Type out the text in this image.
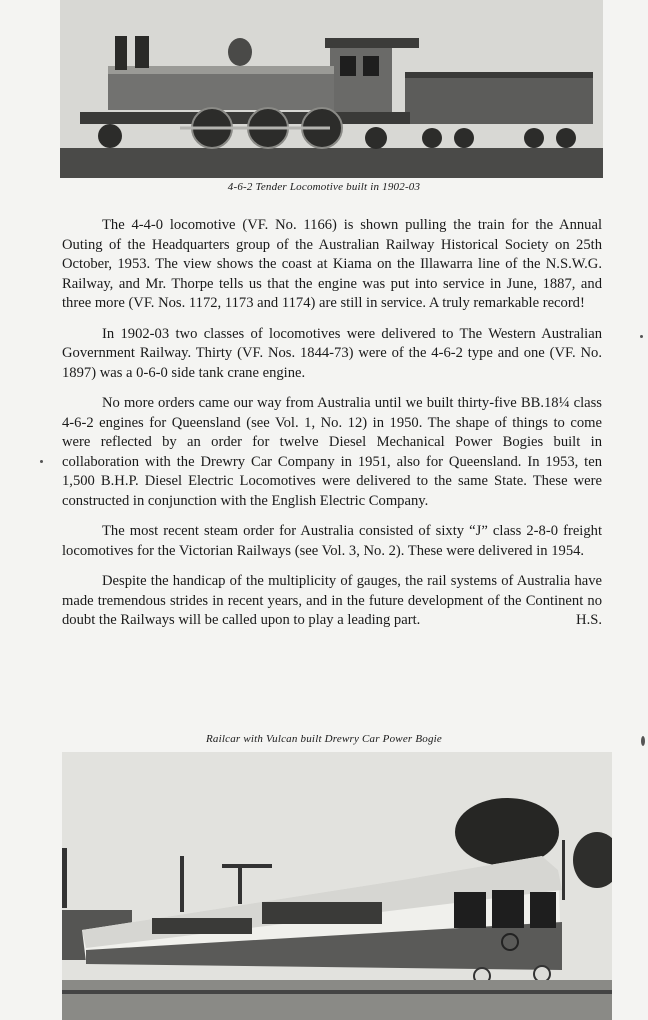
4-6-2 Tender Locomotive built in 1902-03

The 4-4-0 locomotive (VF. No. 1166) is shown pulling the train for the Annual Outing of the Headquarters group of the Australian Railway Historical Society on 25th October, 1953. The view shows the coast at Kiama on the Illawarra line of the N.S.W.G. Railway, and Mr. Thorpe tells us that the engine was put into service in June, 1887, and three more (VF. Nos. 1172, 1173 and 1174) are still in service. A truly remarkable record!

In 1902-03 two classes of locomotives were delivered to The Western Australian Government Railway. Thirty (VF. Nos. 1844-73) were of the 4-6-2 type and one (VF. No. 1897) was a 0-6-0 side tank crane engine.

No more orders came our way from Australia until we built thirty-five BB.18¼ class 4-6-2 engines for Queensland (see Vol. 1, No. 12) in 1950. The shape of things to come were reflected by an order for twelve Diesel Mechanical Power Bogies built in collaboration with the Drewry Car Company in 1951, also for Queensland. In 1953, ten 1,500 B.H.P. Diesel Electric Locomotives were delivered to the same State. These were constructed in conjunction with the English Electric Company.

The most recent steam order for Australia consisted of sixty “J” class 2-8-0 freight locomotives for the Victorian Railways (see Vol. 3, No. 2). These were delivered in 1954.

Despite the handicap of the multiplicity of gauges, the rail systems of Australia have made tremendous strides in recent years, and in the future development of the Continent no doubt the Railways will be called upon to play a leading part.	H.S.

Railcar with Vulcan built Drewry Car Power Bogie
